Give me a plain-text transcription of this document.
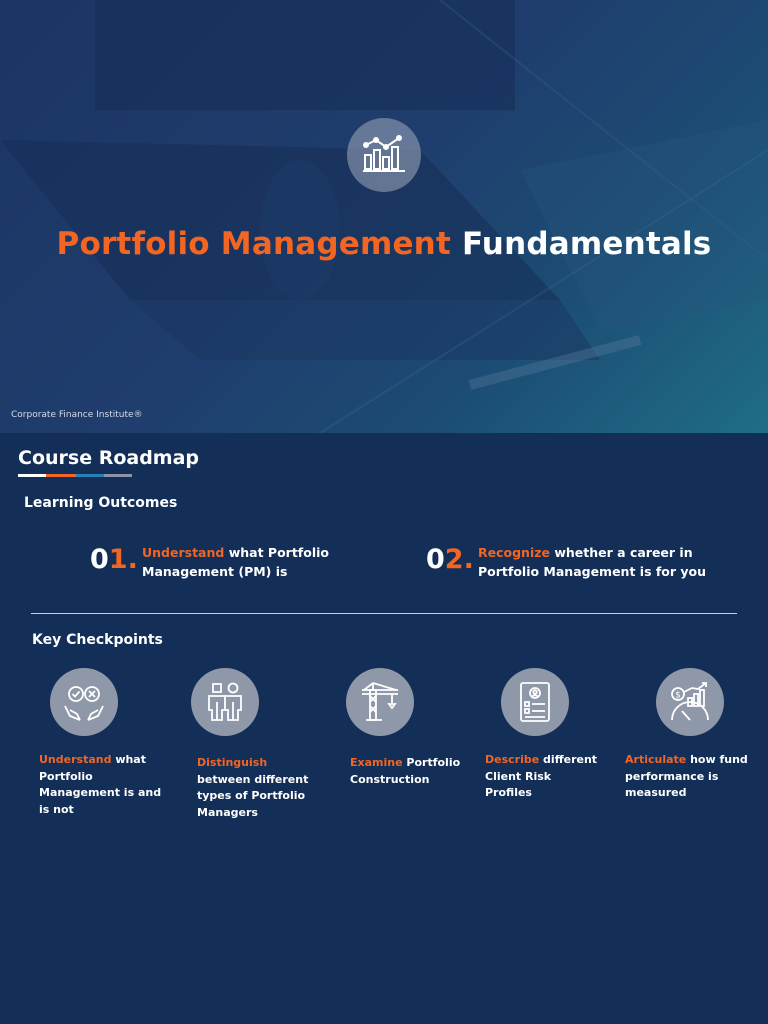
Portfolio Management Fundamentals
Corporate Finance Institute®
Course Roadmap
Learning Outcomes
01. Understand what Portfolio Management (PM) is	02. Recognize whether a career in Portfolio Management is for you
Key Checkpoints
Understand what Portfolio Management is and is not
Distinguish between different types of Portfolio Managers
Examine Portfolio Construction
Describe different Client Risk Profiles
$
Articulate how fund performance is measured
